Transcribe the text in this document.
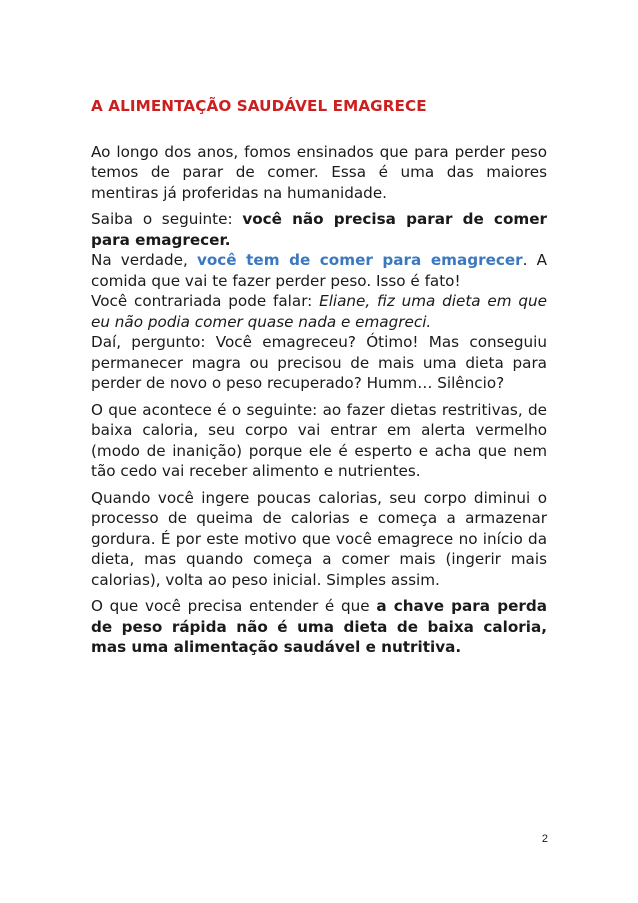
A ALIMENTAÇÃO SAUDÁVEL EMAGRECE

Ao longo dos anos, fomos ensinados que para perder peso temos de parar de comer. Essa é uma das maiores mentiras já proferidas na humanidade.

Saiba o seguinte: você não precisa parar de comer para emagrecer.
Na verdade, você tem de comer para emagrecer. A comida que vai te fazer perder peso. Isso é fato!
Você contrariada pode falar: Eliane, fiz uma dieta em que eu não podia comer quase nada e emagreci.
Daí, pergunto: Você emagreceu? Ótimo! Mas conseguiu permanecer magra ou precisou de mais uma dieta para perder de novo o peso recuperado? Humm… Silêncio?

O que acontece é o seguinte: ao fazer dietas restritivas, de baixa caloria, seu corpo vai entrar em alerta vermelho (modo de inanição) porque ele é esperto e acha que nem tão cedo vai receber alimento e nutrientes.

Quando você ingere poucas calorias, seu corpo diminui o processo de queima de calorias e começa a armazenar gordura. É por este motivo que você emagrece no início da dieta, mas quando começa a comer mais (ingerir mais calorias), volta ao peso inicial. Simples assim.

O que você precisa entender é que a chave para perda de peso rápida não é uma dieta de baixa caloria, mas uma alimentação saudável e nutritiva.

2
